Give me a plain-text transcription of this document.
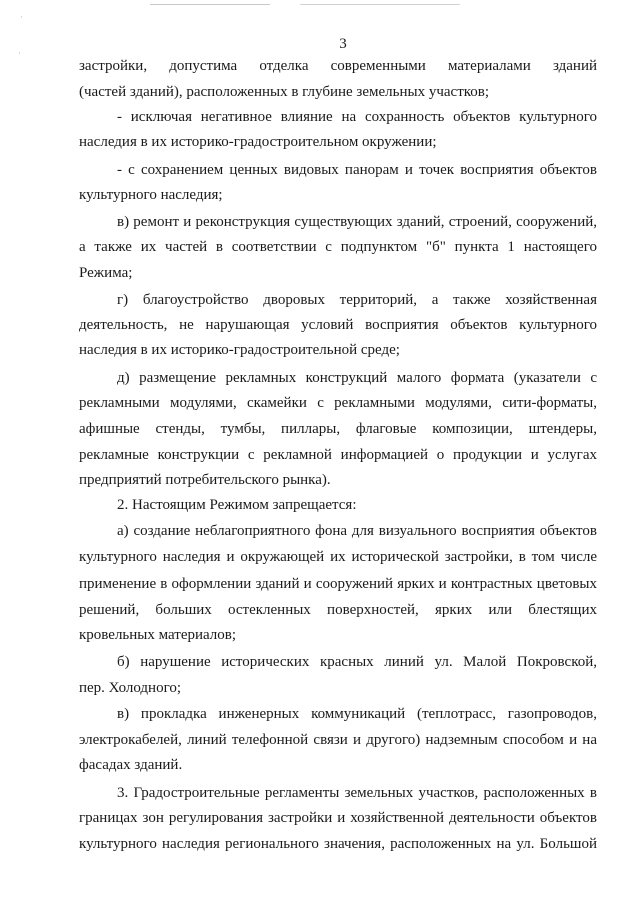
·
·
3
застройки, допустима отделка современными материалами зданий
(частей зданий), расположенных в глубине земельных участков;
- исключая негативное влияние на сохранность объектов культурного
наследия в их историко-градостроительном окружении;
- с сохранением ценных видовых панорам и точек восприятия объектов
культурного наследия;
в) ремонт и реконструкция существующих зданий, строений, сооружений,
а также их частей в соответствии с подпунктом "б" пункта 1 настоящего
Режима;
г) благоустройство дворовых территорий, а также хозяйственная
деятельность, не нарушающая условий восприятия объектов культурного
наследия в их историко-градостроительной среде;
д) размещение рекламных конструкций малого формата (указатели с
рекламными модулями, скамейки с рекламными модулями, сити-форматы,
афишные стенды, тумбы, пиллары, флаговые композиции, штендеры,
рекламные конструкции с рекламной информацией о продукции и услугах
предприятий потребительского рынка).
2. Настоящим Режимом запрещается:
а) создание неблагоприятного фона для визуального восприятия объектов
культурного наследия и окружающей их исторической застройки, в том числе
применение в оформлении зданий и сооружений ярких и контрастных цветовых
решений, больших остекленных поверхностей, ярких или блестящих
кровельных материалов;
б) нарушение исторических красных линий ул. Малой Покровской,
пер. Холодного;
в) прокладка инженерных коммуникаций (теплотрасс, газопроводов,
электрокабелей, линий телефонной связи и другого) надземным способом и на
фасадах зданий.
3. Градостроительные регламенты земельных участков, расположенных в
границах зон регулирования застройки и хозяйственной деятельности объектов
культурного наследия регионального значения, расположенных на ул. Большой
